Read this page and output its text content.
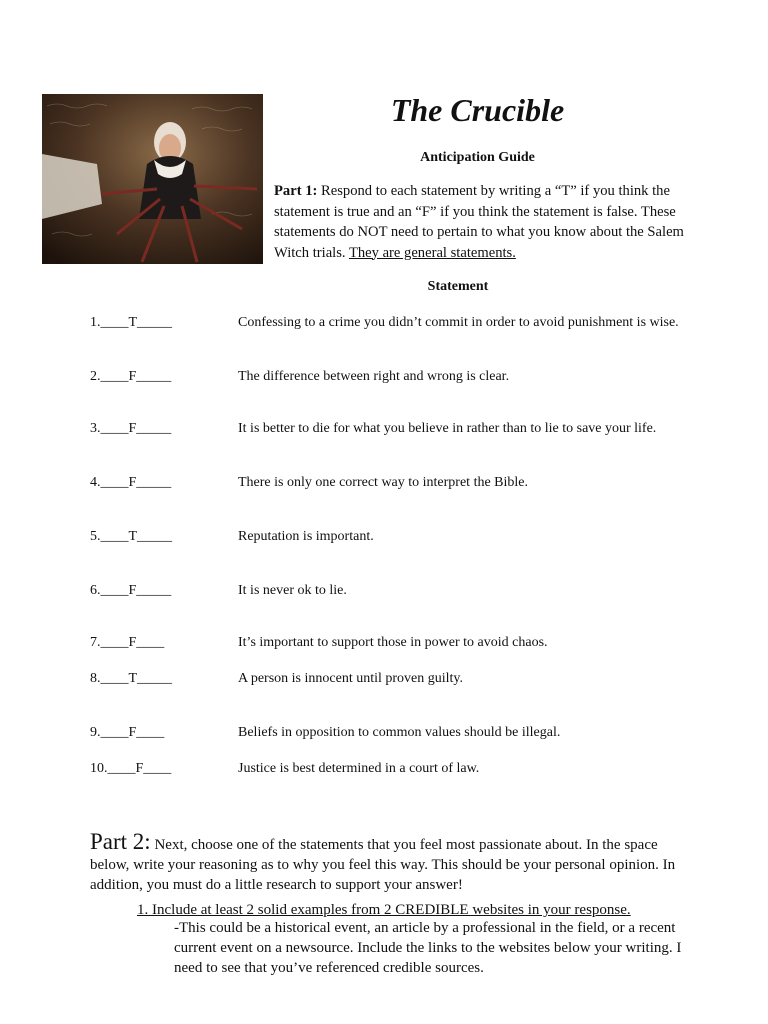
The Crucible
Anticipation Guide
Part 1: Respond to each statement by writing a “T” if you think the statement is true and an “F” if you think the statement is false. These statements do NOT need to pertain to what you know about the Salem Witch trials. They are general statements.
Statement
1.____T_____	Confessing to a crime you didn’t commit in order to avoid punishment is wise.
2.____F_____	The difference between right and wrong is clear.
3.____F_____	It is better to die for what you believe in rather than to lie to save your life.
4.____F_____	There is only one correct way to interpret the Bible.
5.____T_____	Reputation is important.
6.____F_____	It is never ok to lie.
7.____F____	It’s important to support those in power to avoid chaos.
8.____T_____	A person is innocent until proven guilty.
9.____F____	Beliefs in opposition to common values should be illegal.
10.____F____	Justice is best determined in a court of law.
Part 2: Next, choose one of the statements that you feel most passionate about. In the space below, write your reasoning as to why you feel this way. This should be your personal opinion. In addition, you must do a little research to support your answer!
1. Include at least 2 solid examples from 2 CREDIBLE websites in your response.
-This could be a historical event, an article by a professional in the field, or a recent current event on a newsource. Include the links to the websites below your writing. I need to see that you’ve referenced credible sources.
